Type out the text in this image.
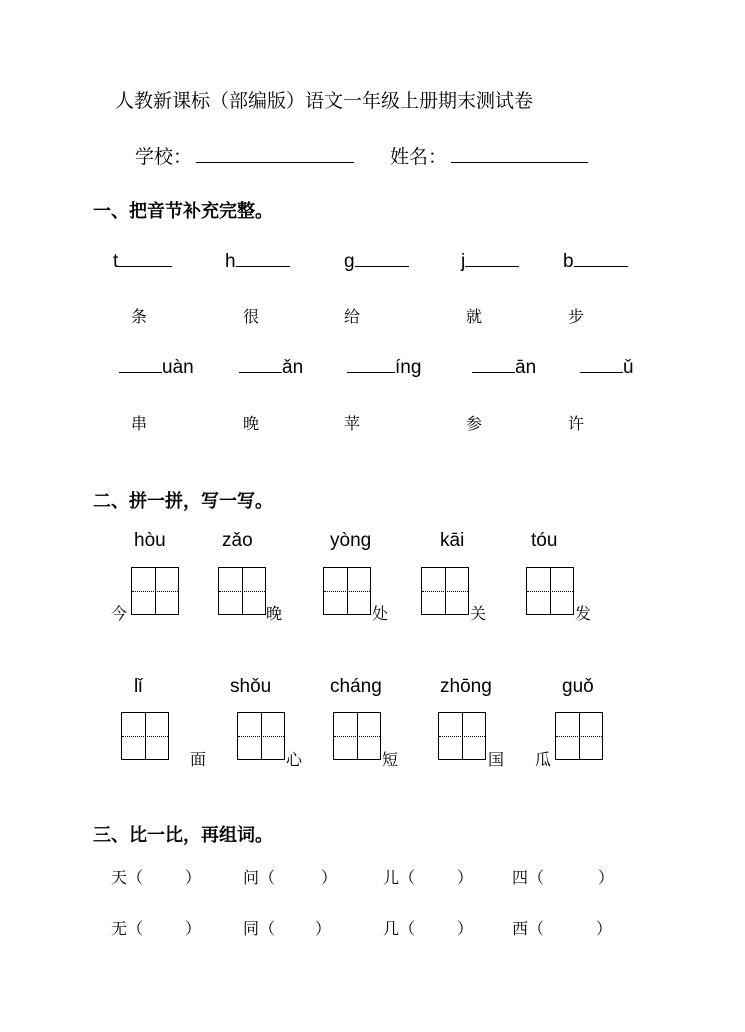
人教新课标（部编版）语文一年级上册期末测试卷
学校：	姓名：
一、把音节补充完整。
t	h	g	j	b
条	很	给	就	步
uàn	ǎn	íng	ān	ǔ
串	晚	苹	参	许
二、拼一拼，写一写。
hòu	zǎo	yòng	kāi	tóu
今	晚	处	关	发
lǐ	shǒu	chánɡ	zhōnɡ	guǒ
面	心	短	国 瓜
三、比一比，再组词。
天（	）	问（	）	儿（	） 四（	）
无（	）	同（	）	几（	） 西（	）
